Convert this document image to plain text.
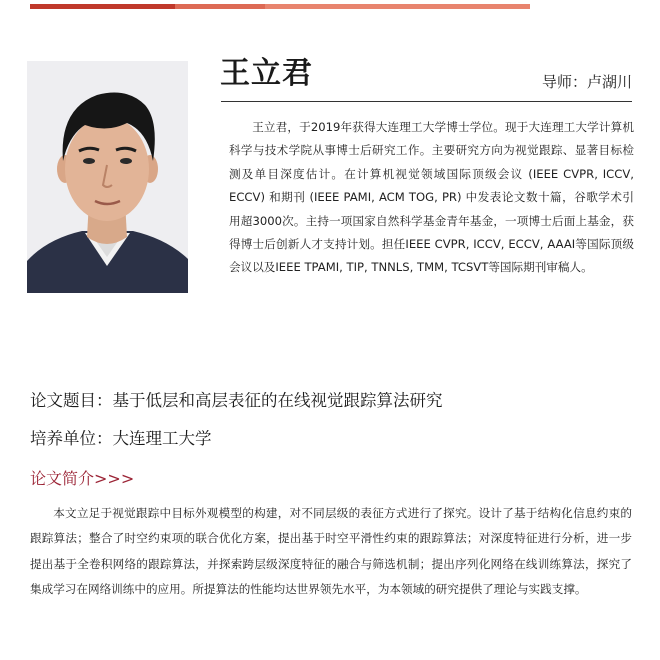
王立君	导师：卢湖川

王立君，于2019年获得大连理工大学博士学位。现于大连理工大学计算机科学与技术学院从事博士后研究工作。主要研究方向为视觉跟踪、显著目标检测及单目深度估计。在计算机视觉领域国际顶级会议 (IEEE CVPR, ICCV, ECCV) 和期刊 (IEEE PAMI, ACM TOG, PR) 中发表论文数十篇，谷歌学术引用超3000次。主持一项国家自然科学基金青年基金，一项博士后面上基金，获得博士后创新人才支持计划。担任IEEE CVPR, ICCV, ECCV, AAAI等国际顶级会议以及IEEE TPAMI, TIP, TNNLS, TMM, TCSVT等国际期刊审稿人。

论文题目：基于低层和高层表征的在线视觉跟踪算法研究
培养单位：大连理工大学
论文简介>>>

本文立足于视觉跟踪中目标外观模型的构建，对不同层级的表征方式进行了探究。设计了基于结构化信息约束的跟踪算法；整合了时空约束项的联合优化方案，提出基于时空平滑性约束的跟踪算法；对深度特征进行分析，进一步提出基于全卷积网络的跟踪算法，并探索跨层级深度特征的融合与筛选机制；提出序列化网络在线训练算法，探究了集成学习在网络训练中的应用。所提算法的性能均达世界领先水平，为本领域的研究提供了理论与实践支撑。
